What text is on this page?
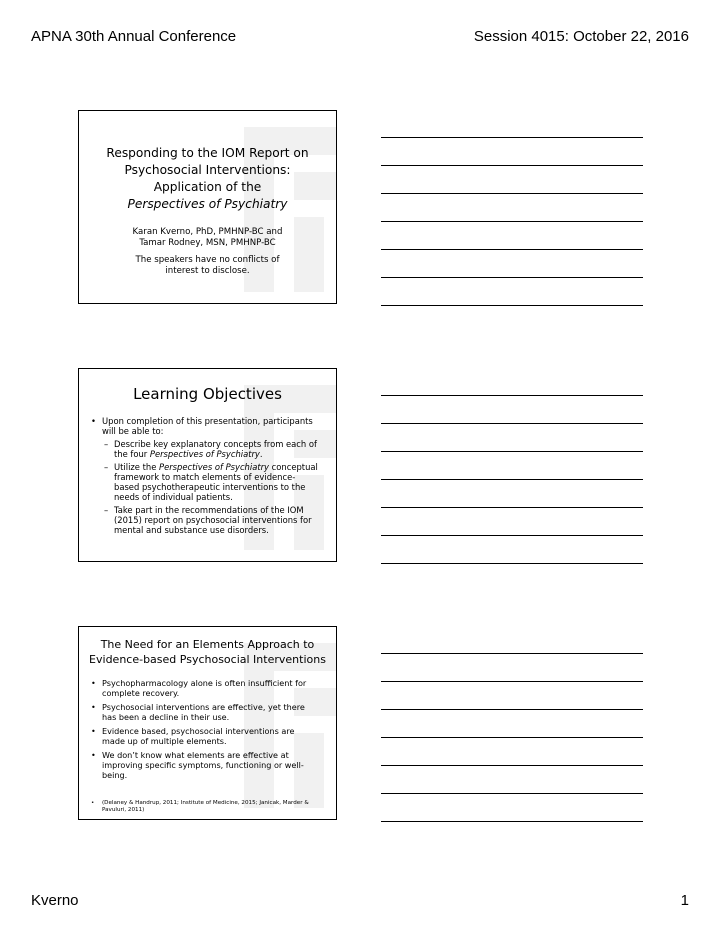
APNA 30th Annual Conference	Session 4015: October 22, 2016
Responding to the IOM Report on
Psychosocial Interventions:
Application of the
Perspectives of Psychiatry
Karan Kverno, PhD, PMHNP-BC and
Tamar Rodney, MSN, PMHNP-BC
The speakers have no conflicts of
interest to disclose.
Learning Objectives
• Upon completion of this presentation, participants will be able to:
– Describe key explanatory concepts from each of the four Perspectives of Psychiatry.
– Utilize the Perspectives of Psychiatry conceptual framework to match elements of evidence-based psychotherapeutic interventions to the needs of individual patients.
– Take part in the recommendations of the IOM (2015) report on psychosocial interventions for mental and substance use disorders.
The Need for an Elements Approach to
Evidence-based Psychosocial Interventions
• Psychopharmacology alone is often insufficient for complete recovery.
• Psychosocial interventions are effective, yet there has been a decline in their use.
• Evidence based, psychosocial interventions are made up of multiple elements.
• We don’t know what elements are effective at improving specific symptoms, functioning or well-being.
•	(Delaney & Handrup, 2011; Institute of Medicine, 2015; Janicak, Marder & Pavuluri, 2011)
Kverno	1
